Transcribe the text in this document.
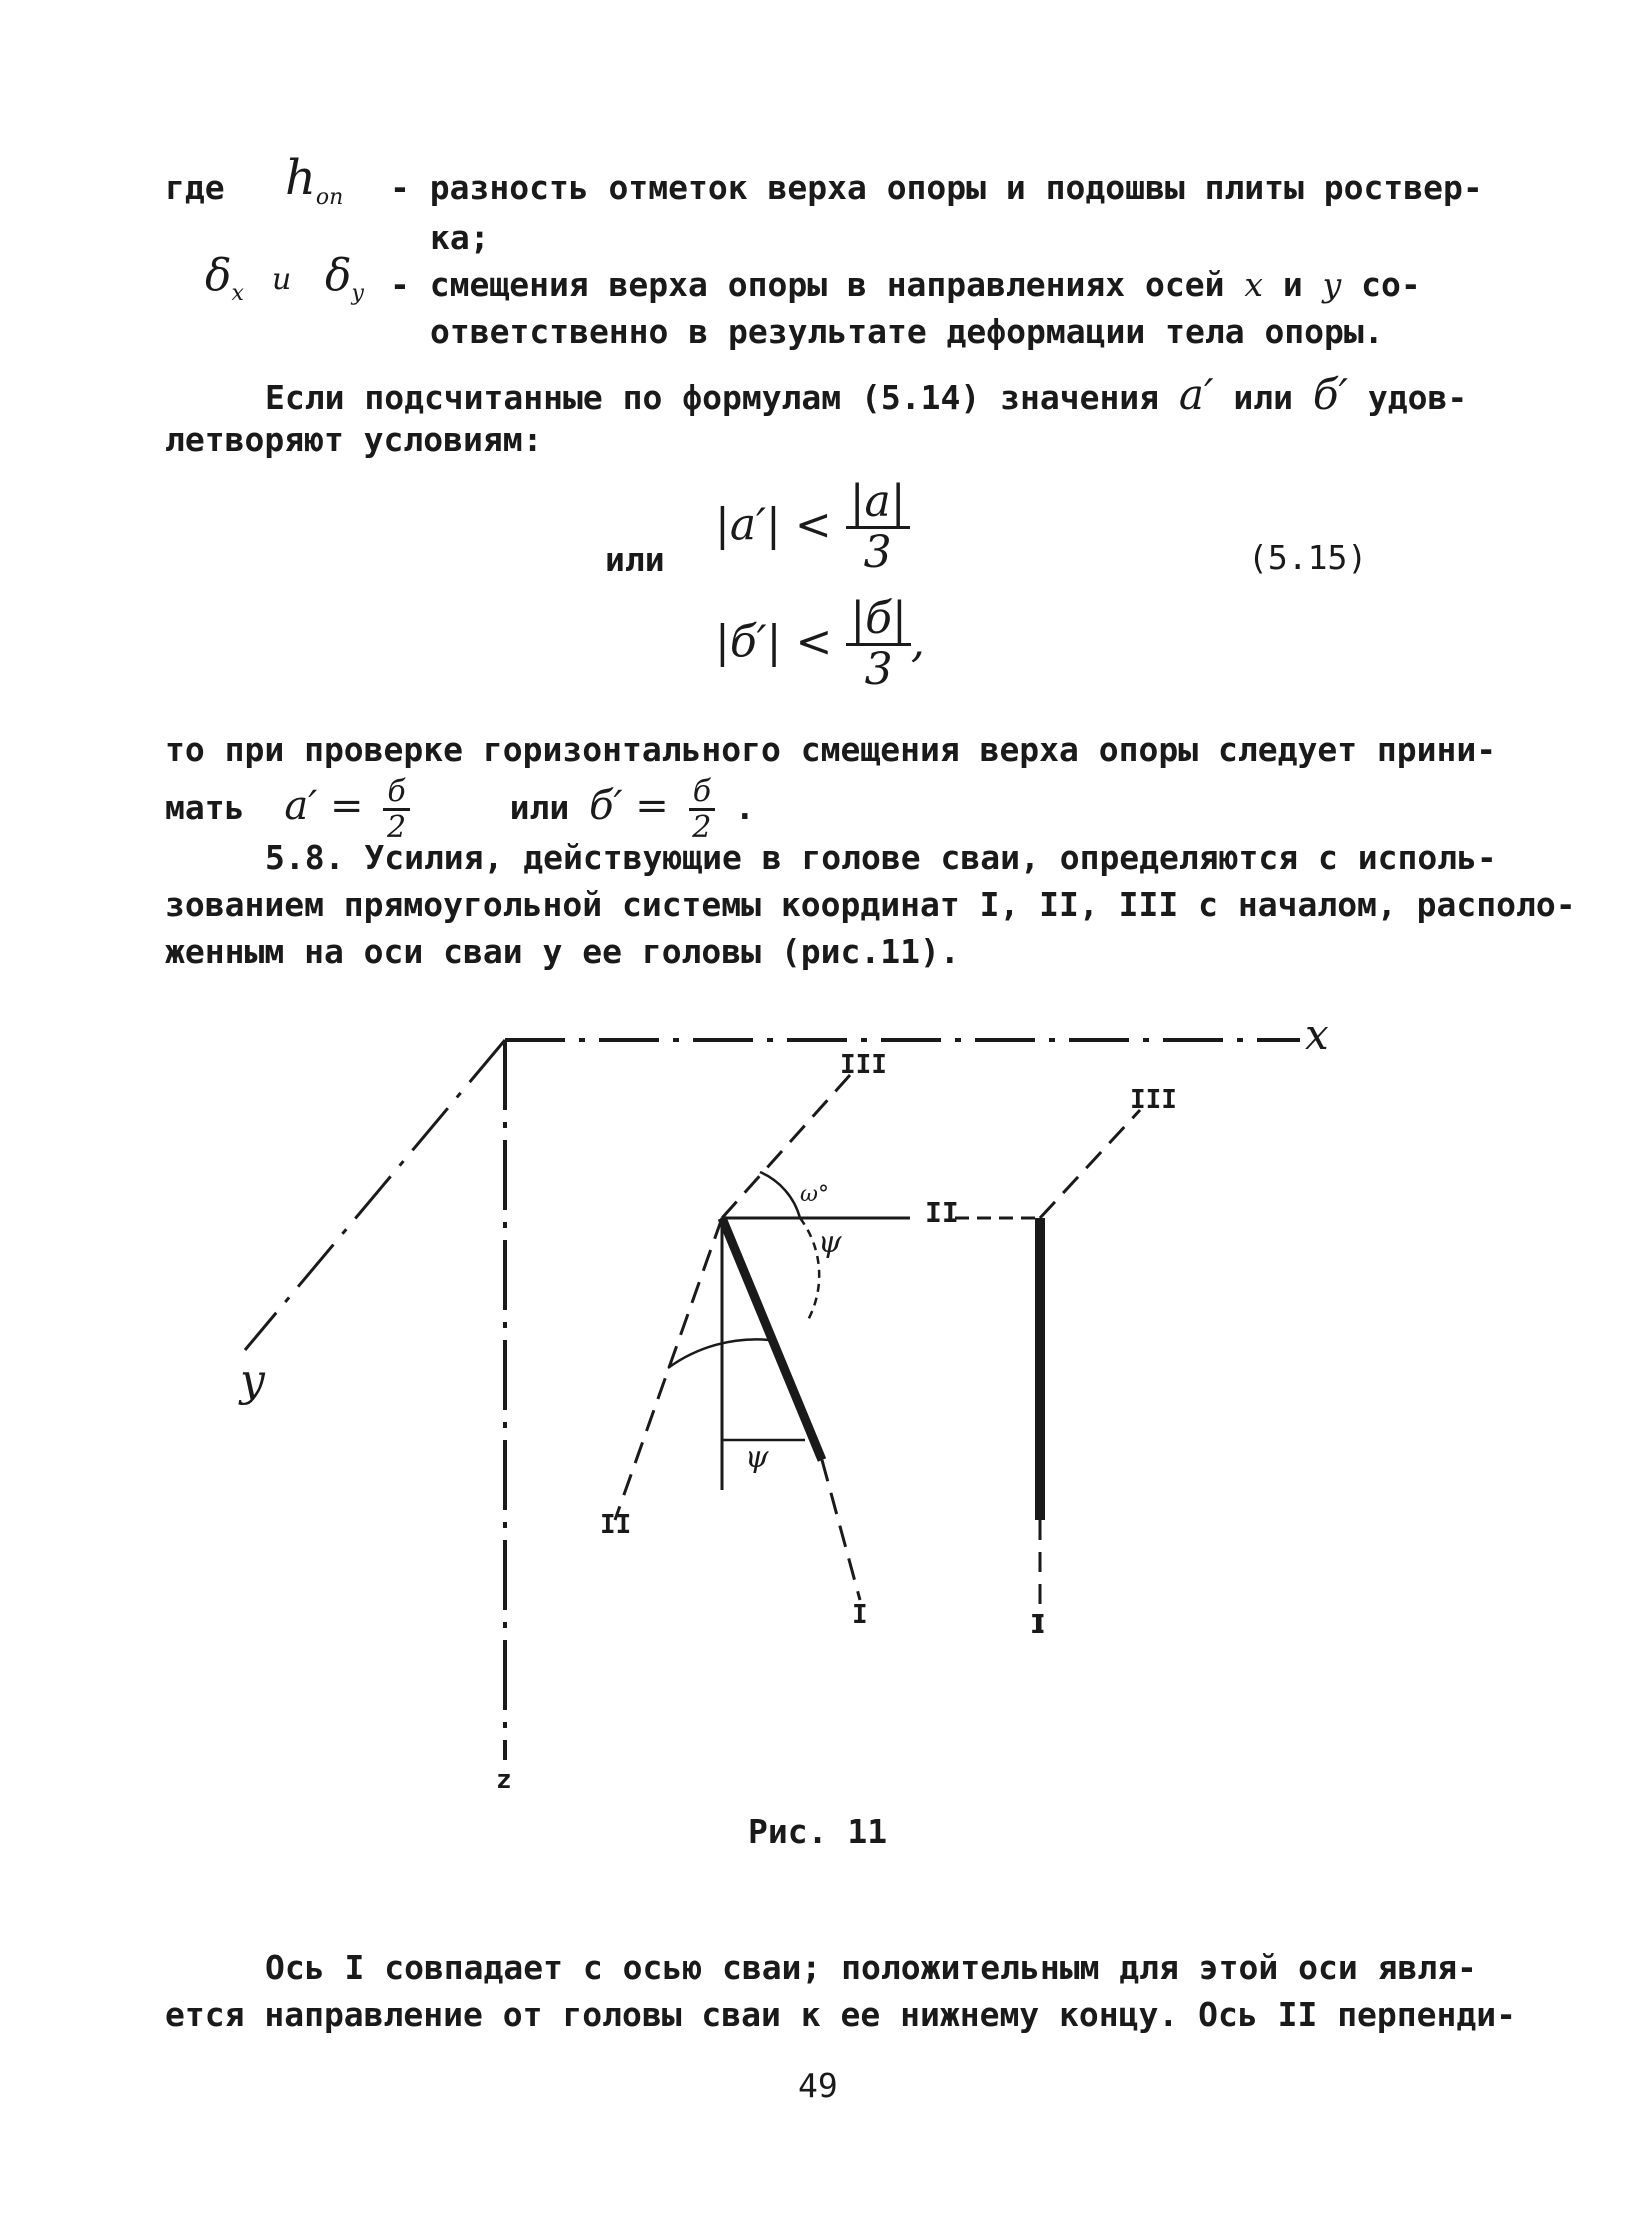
где $h_{оп}$ - разность отметок верха опоры и подошвы плиты роствер-
ка;
$\delta_x$ и $\delta_y$ - смещения верха опоры в направлениях осей x и y со-
ответственно в результате деформации тела опоры.
Если подсчитанные по формулам (5.14) значения a′ или б′ удов-
летворяют условиям:
или
$|a'| < \frac{|a|}{3}$
$|б'| < \frac{|б|}{3}$ ,
(5.15)
то при проверке горизонтального смещения верха опоры следует прини-
мать $a' = \frac{б}{2}$	или $б' = \frac{б}{2}$ .
5.8. Усилия, действующие в голове сваи, определяются с исполь-
зованием прямоугольной системы координат I, II, III с началом, располо-
женным на оси сваи у ее головы (рис.11).
x
y
III
III
II
II
I	I
z
ψ
ψ
ω°
Рис. 11
Ось I совпадает с осью сваи; положительным для этой оси явля-
ется направление от головы сваи к ее нижнему концу. Ось II перпенди-
49
